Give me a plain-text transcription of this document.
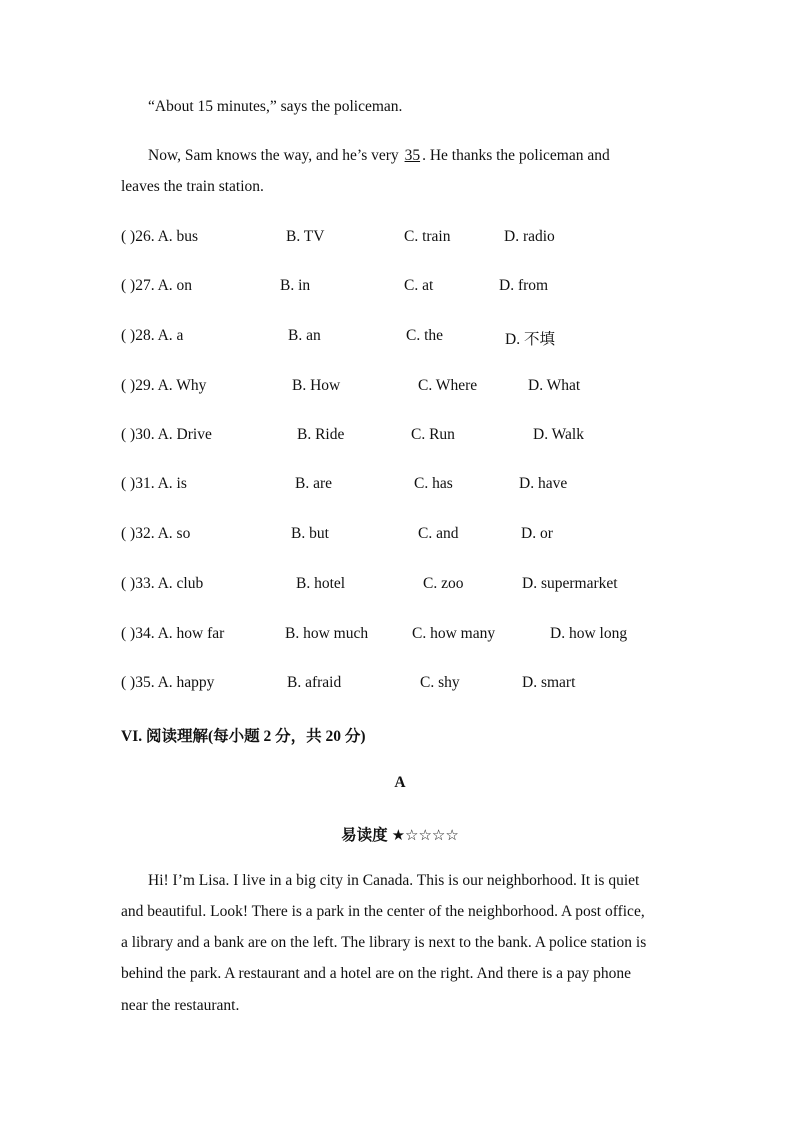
“About 15 minutes,” says the policeman.
Now, Sam knows the way, and he’s very 35 . He thanks the policeman and
leaves the train station.
( )26. A. bus	B. TV	C. train	D. radio
( )27. A. on	B. in	C. at	D. from
( )28. A. a	B. an	C. the	D. 不填
( )29. A. Why	B. How	C. Where	D. What
( )30. A. Drive	B. Ride	C. Run	D. Walk
( )31. A. is	B. are	C. has	D. have
( )32. A. so	B. but	C. and	D. or
( )33. A. club	B. hotel	C. zoo	D. supermarket
( )34. A. how far	B. how much	C. how many	D. how long
( )35. A. happy	B. afraid	C. shy	D. smart
VI. 阅读理解(每小题 2 分，共 20 分)
A
易读度 ★☆☆☆☆
Hi! I’m Lisa. I live in a big city in Canada. This is our neighborhood. It is quiet
and beautiful. Look! There is a park in the center of the neighborhood. A post office,
a library and a bank are on the left. The library is next to the bank. A police station is
behind the park. A restaurant and a hotel are on the right. And there is a pay phone
near the restaurant.
